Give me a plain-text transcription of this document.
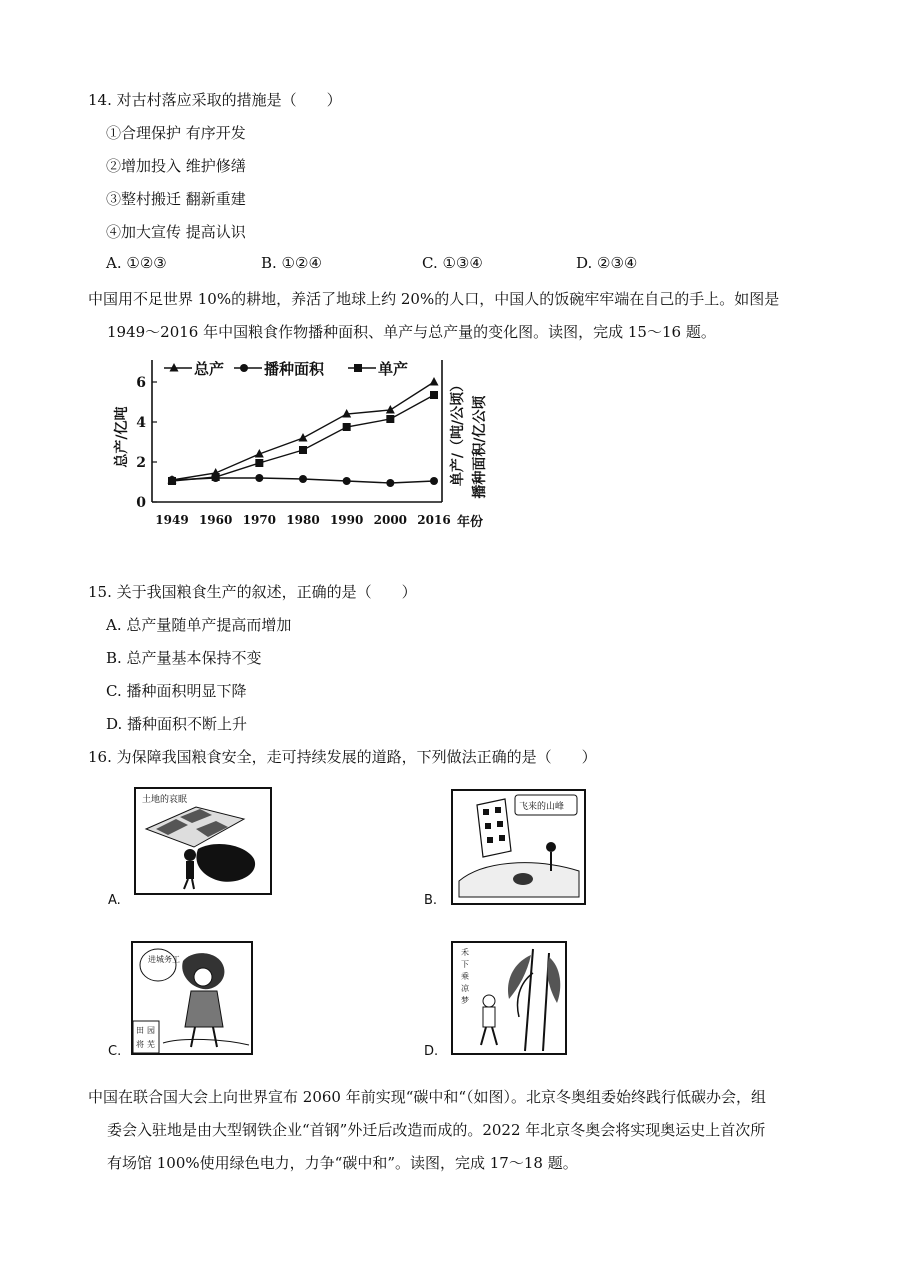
14. 对古村落应采取的措施是（　　）
①合理保护 有序开发
②增加投入 维护修缮
③整村搬迁 翻新重建
④加大宣传 提高认识
A. ①②③	B. ①②④	C. ①③④	D. ②③④
中国用不足世界 10%的耕地，养活了地球上约 20%的人口，中国人的饭碗牢牢端在自己的手上。如图是
1949～2016 年中国粮食作物播种面积、单产与总产量的变化图。读图，完成 15～16 题。
0
2
4
6
1949 1960 1970 1980 1990 2000 2016 年份
总产/亿吨	单产/（吨/公顷） 播种面积/亿公顷
总产	播种面积	单产
15. 关于我国粮食生产的叙述，正确的是（　　）
A. 总产量随单产提高而增加
B. 总产量基本保持不变
C. 播种面积明显下降
D. 播种面积不断上升
16. 为保障我国粮食安全，走可持续发展的道路，下列做法正确的是（　　）
土地的哀眠
A.
飞来的山峰
B.
进城务工
田 园
将 芜
C.
禾 下 乘 凉 梦
D.
中国在联合国大会上向世界宣布 2060 年前实现“碳中和“（如图）。北京冬奥组委始终践行低碳办会，组
委会入驻地是由大型钢铁企业“首钢”外迁后改造而成的。2022 年北京冬奥会将实现奥运史上首次所
有场馆 100%使用绿色电力，力争“碳中和”。读图，完成 17～18 题。
